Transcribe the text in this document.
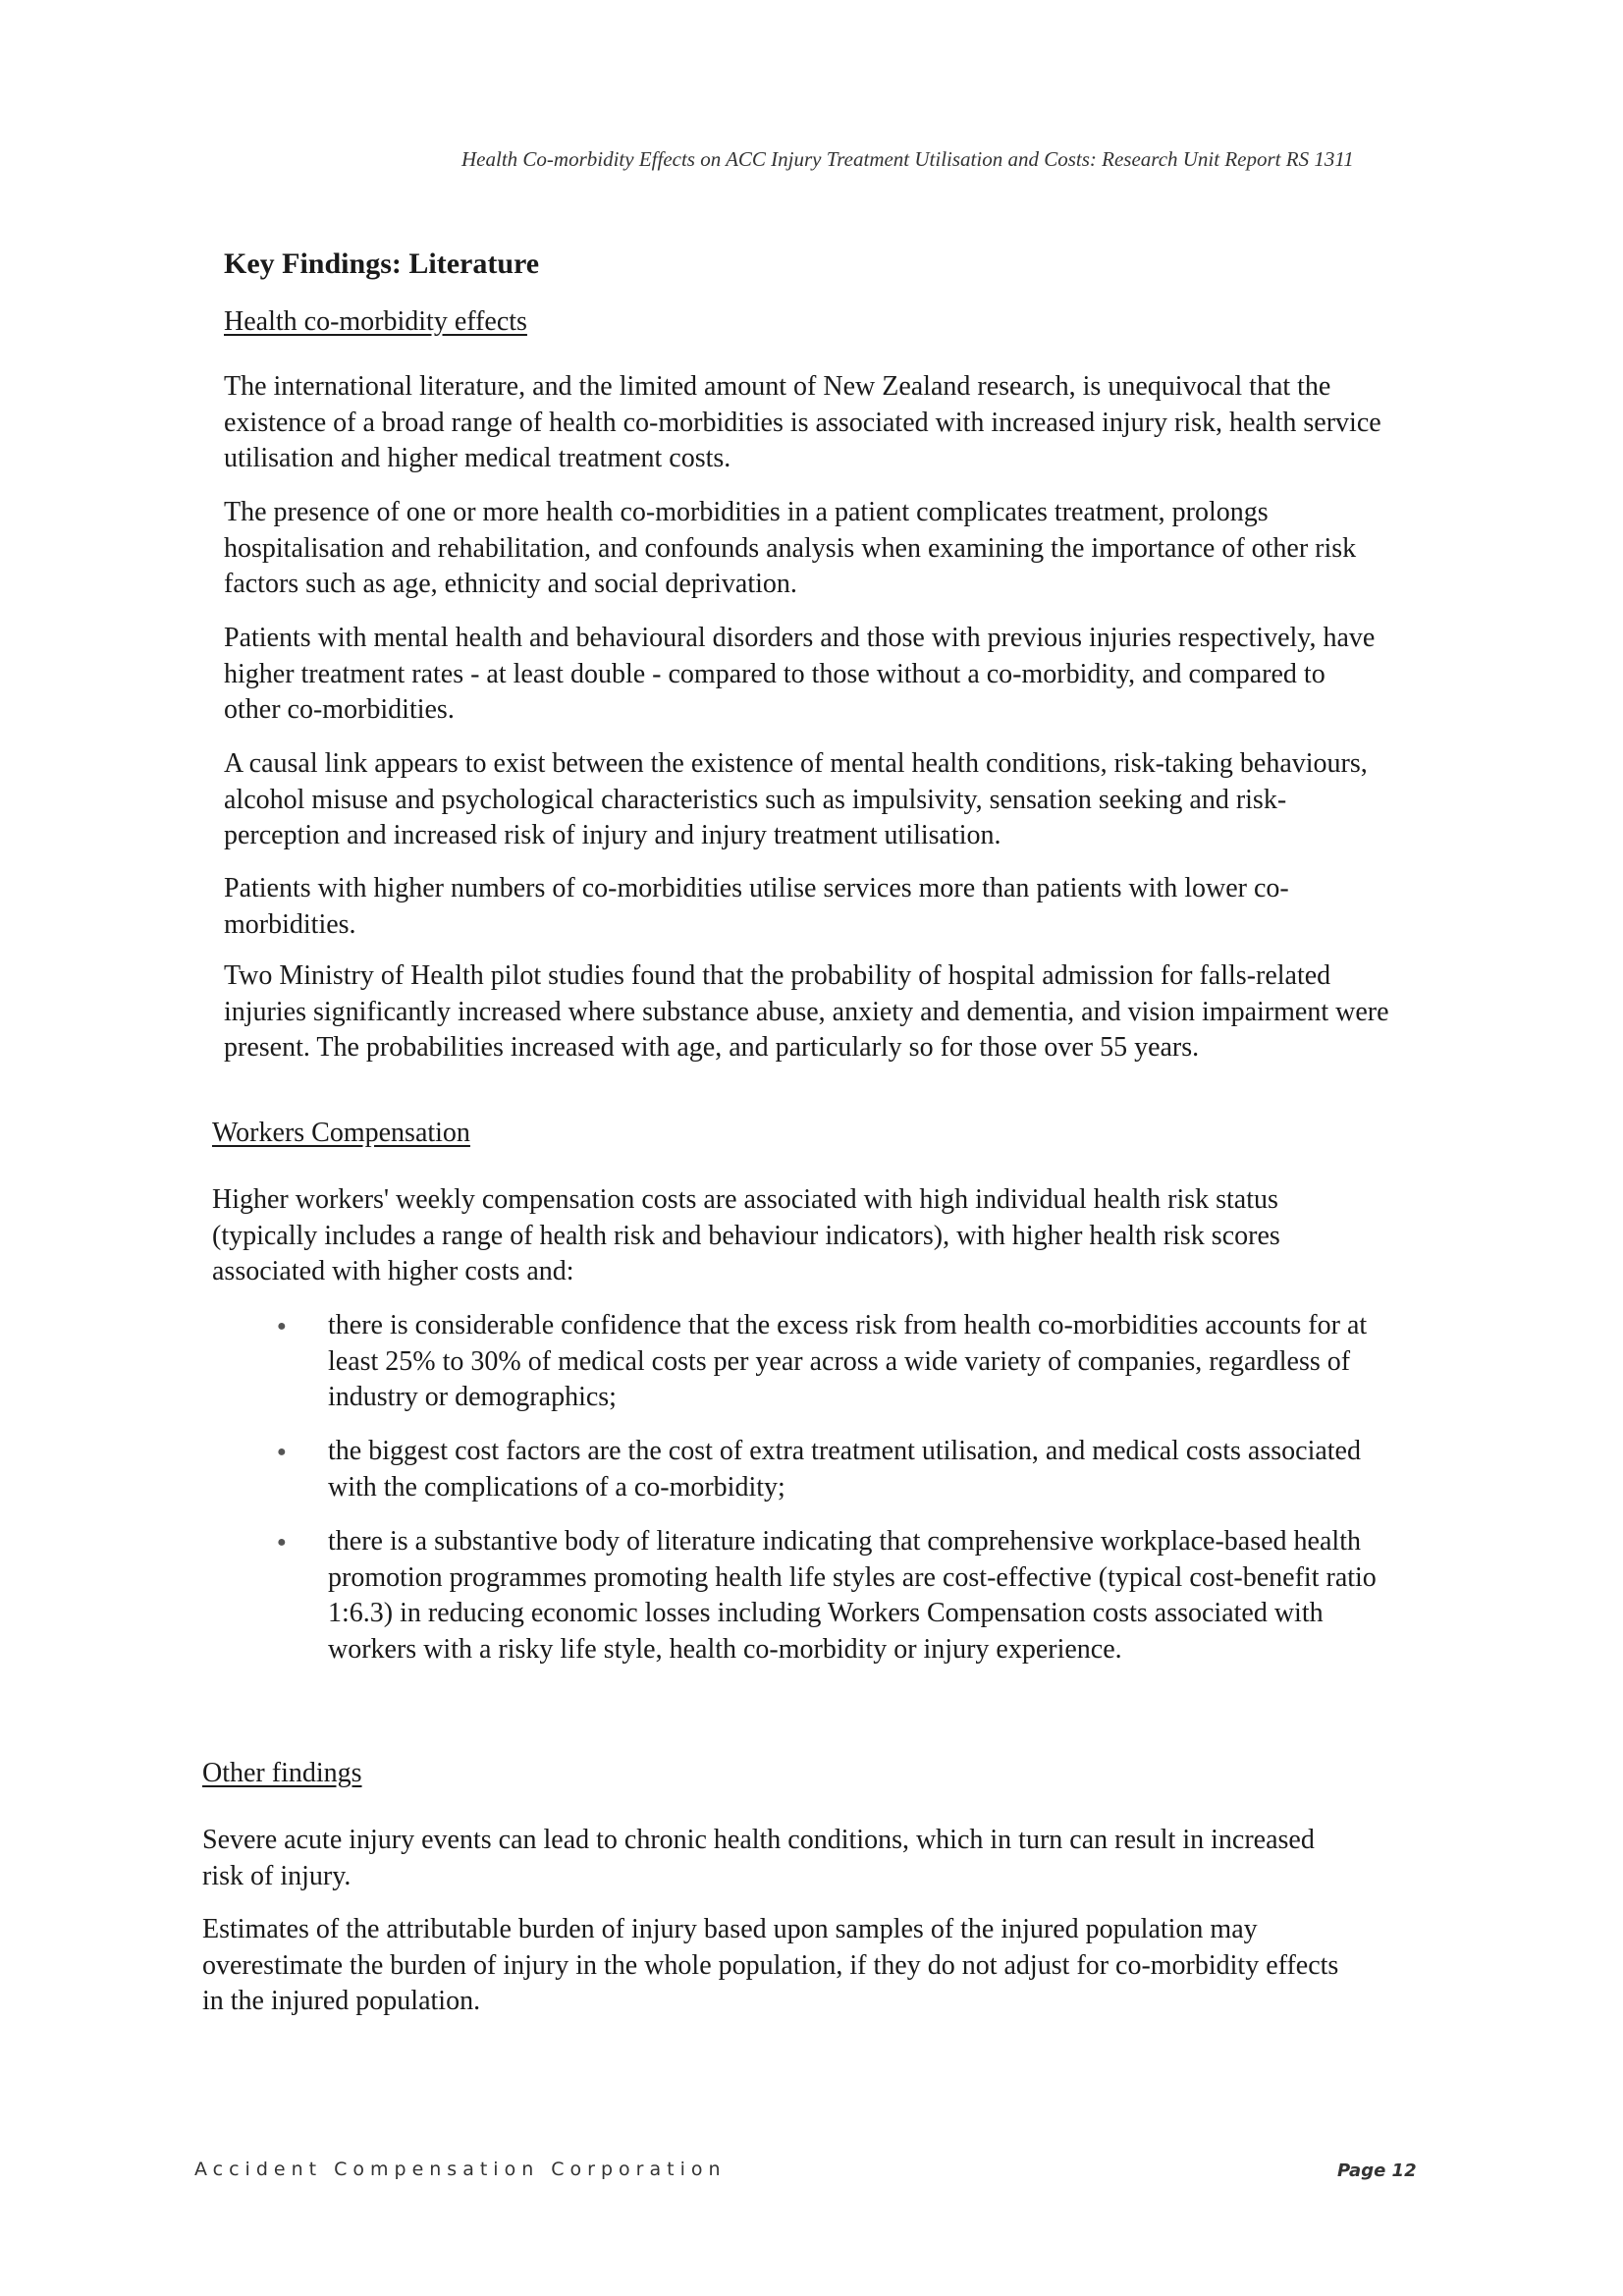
Health Co-morbidity Effects on ACC Injury Treatment Utilisation and Costs: Research Unit Report RS 1311
Key Findings: Literature
Health co-morbidity effects

The international literature, and the limited amount of New Zealand research, is unequivocal that the existence of a broad range of health co-morbidities is associated with increased injury risk, health service utilisation and higher medical treatment costs.

The presence of one or more health co-morbidities in a patient complicates treatment, prolongs hospitalisation and rehabilitation, and confounds analysis when examining the importance of other risk factors such as age, ethnicity and social deprivation.

Patients with mental health and behavioural disorders and those with previous injuries respectively, have higher treatment rates - at least double - compared to those without a co-morbidity, and compared to other co-morbidities.

A causal link appears to exist between the existence of mental health conditions, risk-taking behaviours, alcohol misuse and psychological characteristics such as impulsivity, sensation seeking and risk-perception and increased risk of injury and injury treatment utilisation.

Patients with higher numbers of co-morbidities utilise services more than patients with lower co-morbidities.

Two Ministry of Health pilot studies found that the probability of hospital admission for falls-related injuries significantly increased where substance abuse, anxiety and dementia, and vision impairment were present. The probabilities increased with age, and particularly so for those over 55 years.

Workers Compensation

Higher workers' weekly compensation costs are associated with high individual health risk status (typically includes a range of health risk and behaviour indicators), with higher health risk scores associated with higher costs and:

● there is considerable confidence that the excess risk from health co-morbidities accounts for at least 25% to 30% of medical costs per year across a wide variety of companies, regardless of industry or demographics;

● the biggest cost factors are the cost of extra treatment utilisation, and medical costs associated with the complications of a co-morbidity;

● there is a substantive body of literature indicating that comprehensive workplace-based health promotion programmes promoting health life styles are cost-effective (typical cost-benefit ratio 1:6.3) in reducing economic losses including Workers Compensation costs associated with workers with a risky life style, health co-morbidity or injury experience.

Other findings

Severe acute injury events can lead to chronic health conditions, which in turn can result in increased risk of injury.

Estimates of the attributable burden of injury based upon samples of the injured population may overestimate the burden of injury in the whole population, if they do not adjust for co-morbidity effects in the injured population.

Accident Compensation Corporation	Page 12
